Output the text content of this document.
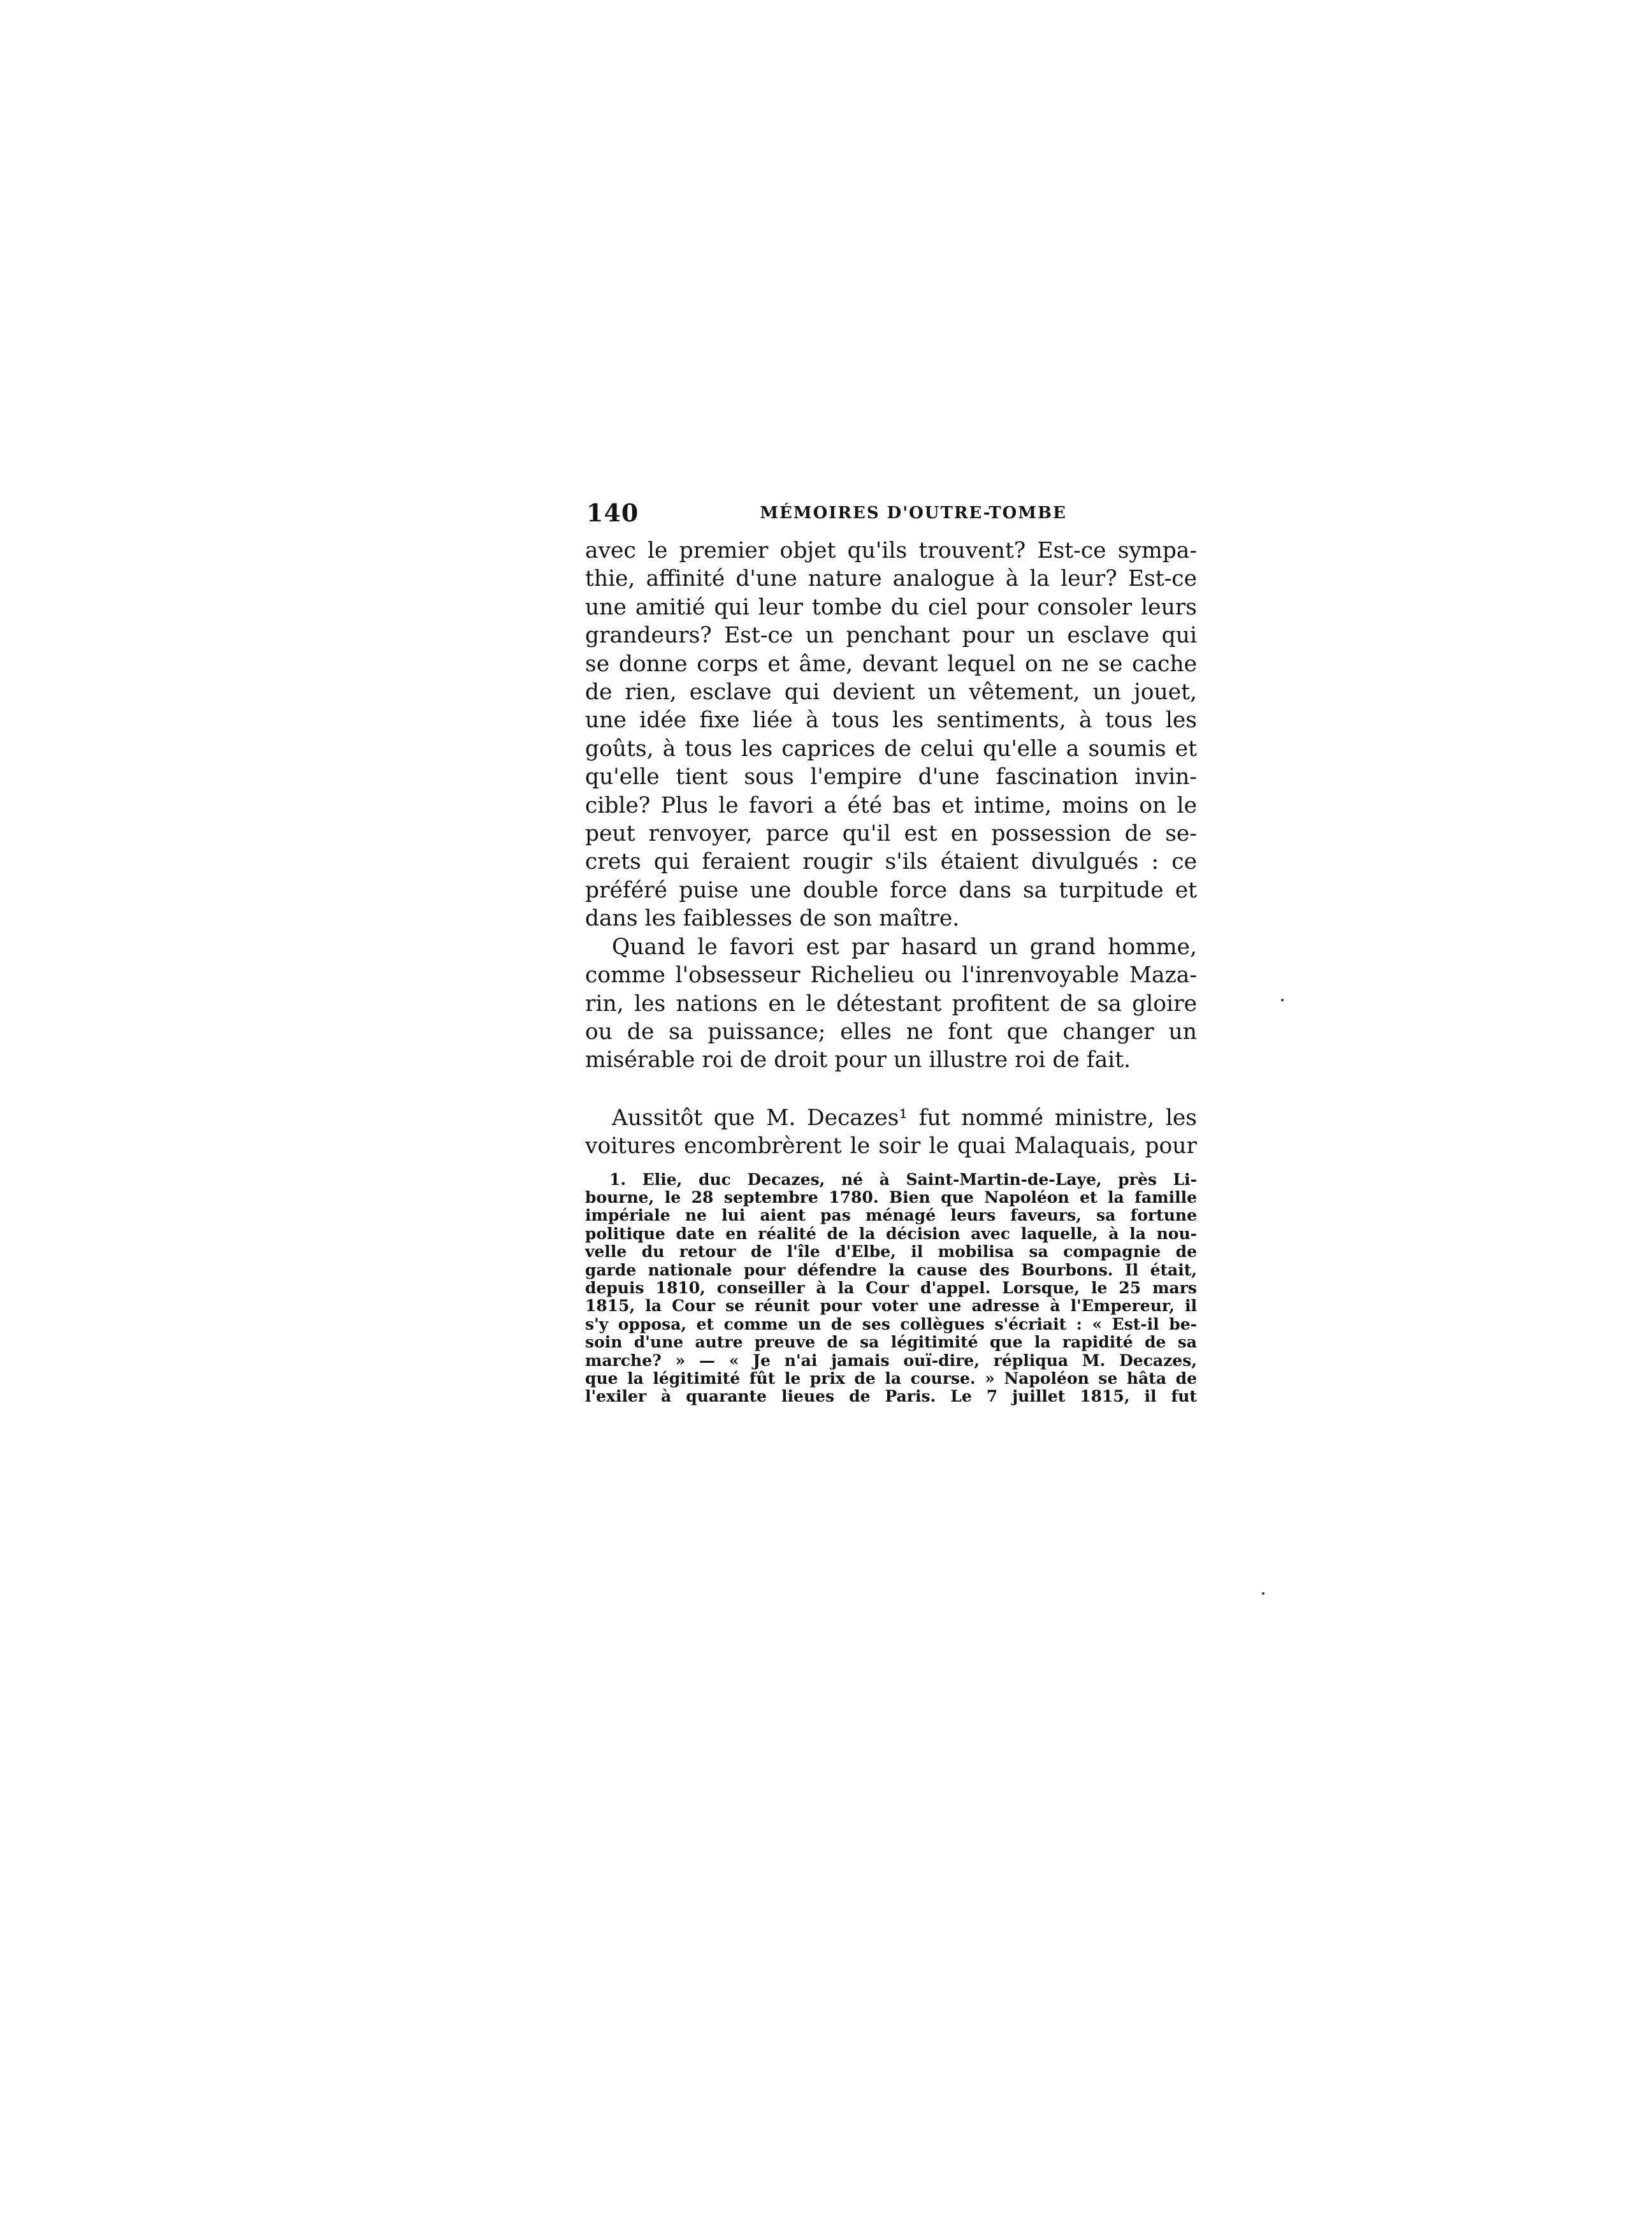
140	MÉMOIRES D'OUTRE-TOMBE
avec le premier objet qu'ils trouvent? Est-ce sympa-
thie, affinité d'une nature analogue à la leur? Est-ce
une amitié qui leur tombe du ciel pour consoler leurs
grandeurs? Est-ce un penchant pour un esclave qui
se donne corps et âme, devant lequel on ne se cache
de rien, esclave qui devient un vêtement, un jouet,
une idée fixe liée à tous les sentiments, à tous les
goûts, à tous les caprices de celui qu'elle a soumis et
qu'elle tient sous l'empire d'une fascination invin-
cible? Plus le favori a été bas et intime, moins on le
peut renvoyer, parce qu'il est en possession de se-
crets qui feraient rougir s'ils étaient divulgués : ce
préféré puise une double force dans sa turpitude et
dans les faiblesses de son maître.
Quand le favori est par hasard un grand homme,
comme l'obsesseur Richelieu ou l'inrenvoyable Maza-
rin, les nations en le détestant profitent de sa gloire
ou de sa puissance; elles ne font que changer un
misérable roi de droit pour un illustre roi de fait.
Aussitôt que M. Decazes¹ fut nommé ministre, les
voitures encombrèrent le soir le quai Malaquais, pour
1. Elie, duc Decazes, né à Saint-Martin-de-Laye, près Li-
bourne, le 28 septembre 1780. Bien que Napoléon et la famille
impériale ne lui aient pas ménagé leurs faveurs, sa fortune
politique date en réalité de la décision avec laquelle, à la nou-
velle du retour de l'île d'Elbe, il mobilisa sa compagnie de
garde nationale pour défendre la cause des Bourbons. Il était,
depuis 1810, conseiller à la Cour d'appel. Lorsque, le 25 mars
1815, la Cour se réunit pour voter une adresse à l'Empereur, il
s'y opposa, et comme un de ses collègues s'écriait : « Est-il be-
soin d'une autre preuve de sa légitimité que la rapidité de sa
marche? » — « Je n'ai jamais ouï-dire, répliqua M. Decazes,
que la légitimité fût le prix de la course. » Napoléon se hâta de
l'exiler à quarante lieues de Paris. Le 7 juillet 1815, il fut
